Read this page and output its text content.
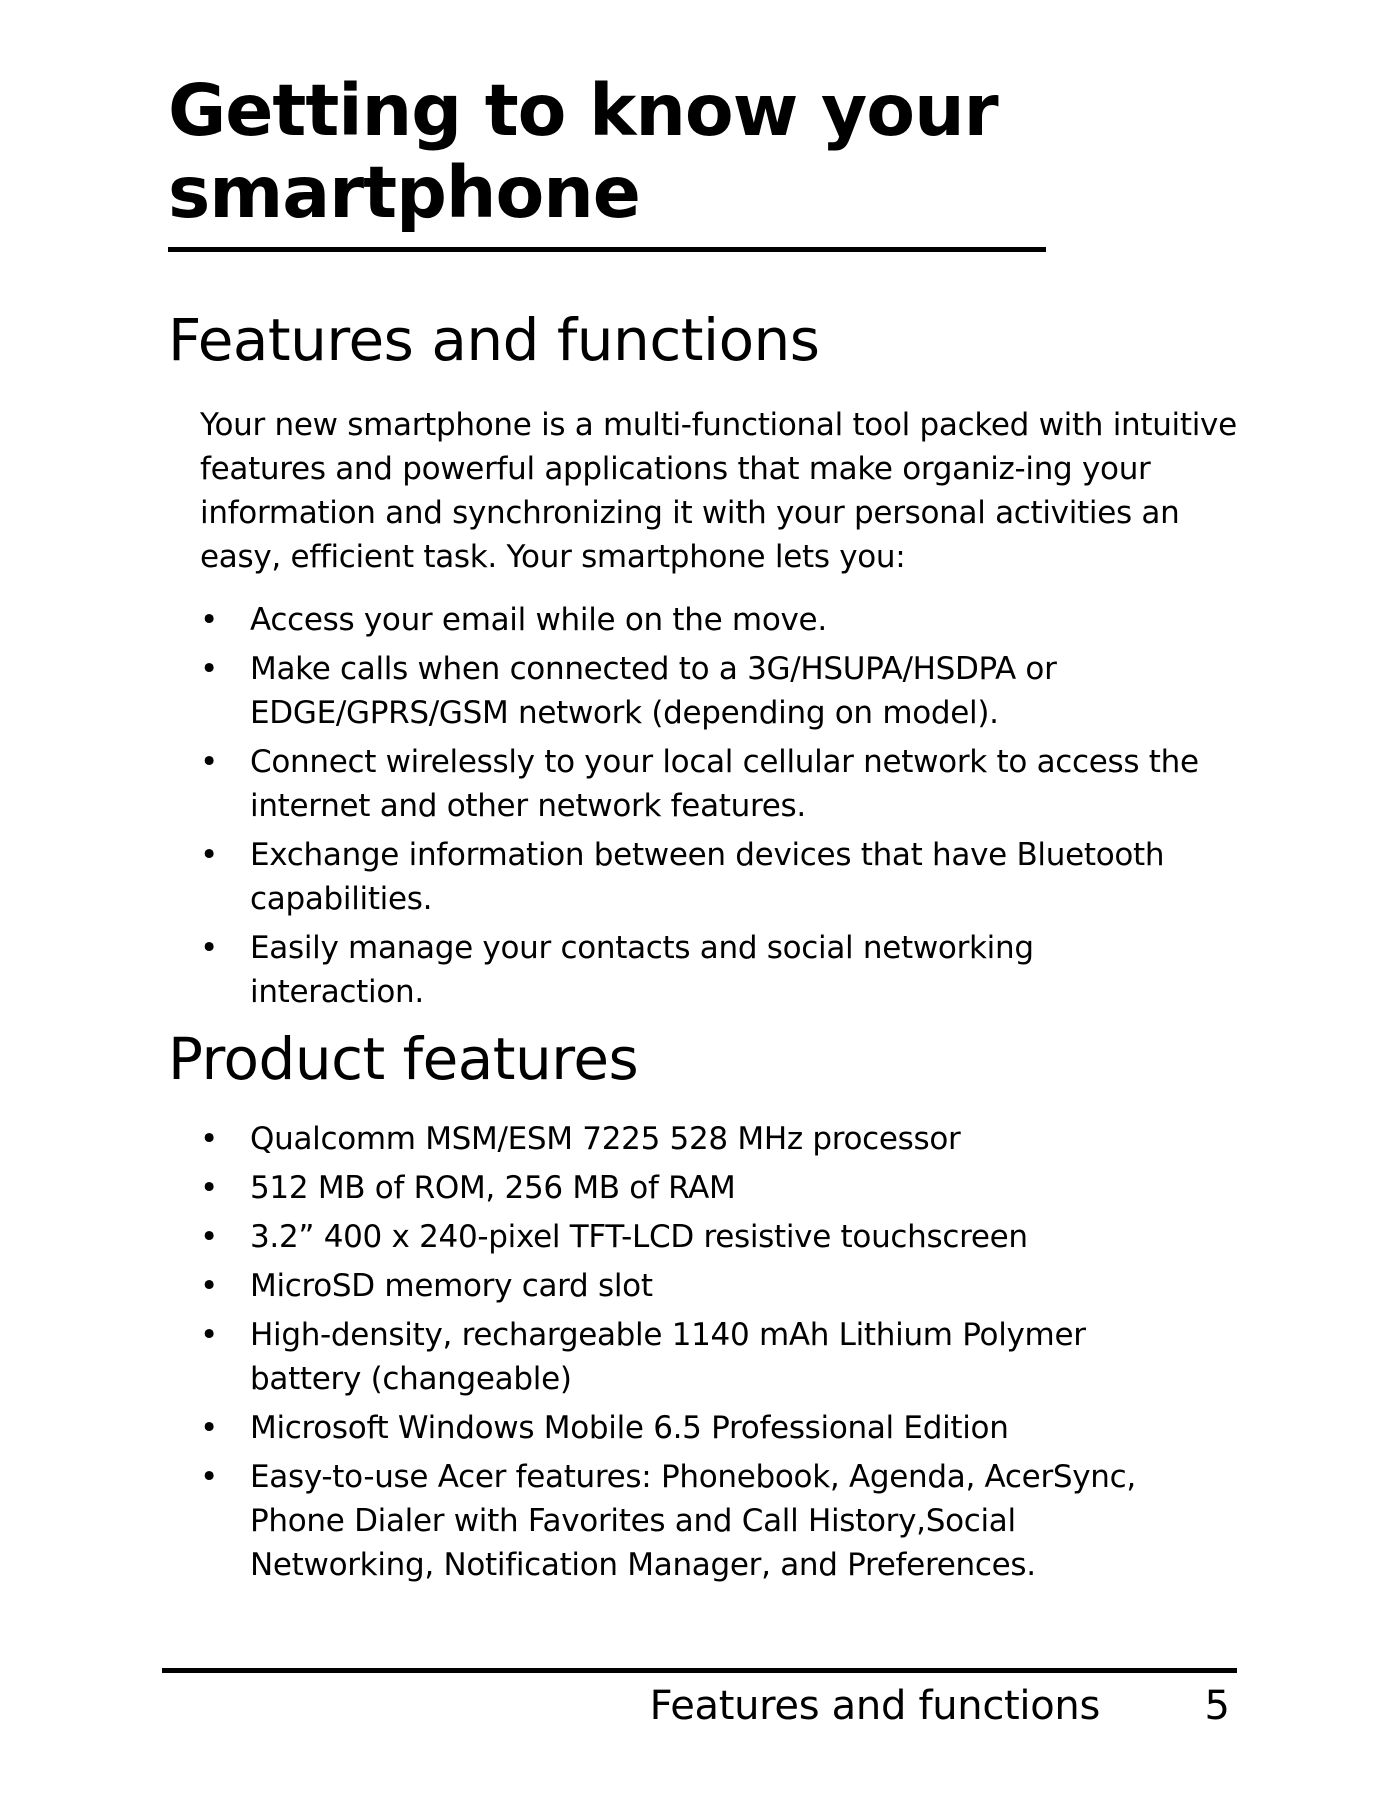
Getting to know your smartphone
Features and functions

Your new smartphone is a multi-functional tool packed with intuitive features and powerful applications that make organiz-ing your information and synchronizing it with your personal activities an easy, efficient task. Your smartphone lets you:

•	Access your email while on the move.
•	Make calls when connected to a 3G/HSUPA/HSDPA or EDGE/GPRS/GSM network (depending on model).
•	Connect wirelessly to your local cellular network to access the internet and other network features.
•	Exchange information between devices that have Bluetooth capabilities.
•	Easily manage your contacts and social networking interaction.
Product features
•	Qualcomm MSM/ESM 7225 528 MHz processor
•	512 MB of ROM, 256 MB of RAM
•	3.2” 400 x 240-pixel TFT-LCD resistive touchscreen
•	MicroSD memory card slot
•	High-density, rechargeable 1140 mAh Lithium Polymer battery (changeable)
•	Microsoft Windows Mobile 6.5 Professional Edition
•	Easy-to-use Acer features: Phonebook, Agenda, AcerSync, Phone Dialer with Favorites and Call History,Social Networking, Notification Manager, and Preferences.
Features and functions	5
